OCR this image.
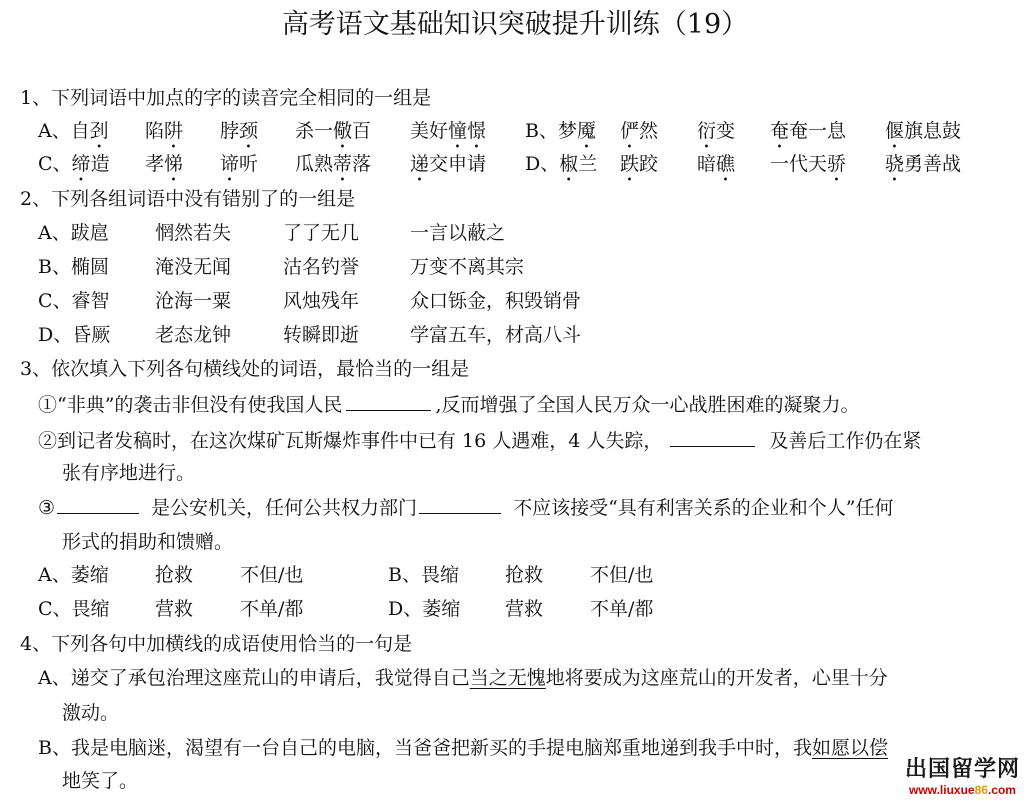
高考语文基础知识突破提升训练（19）
1、下列词语中加点的字的读音完全相同的一组是
A、自刭 陷阱 脖颈 杀一儆百 美好憧憬 B、梦魇 俨然 衍变 奄奄一息 偃旗息鼓
C、缔造 孝悌 谛听 瓜熟蒂落 递交申请 D、椒兰 跌跤 暗礁 一代天骄 骁勇善战
2、下列各组词语中没有错别了的一组是
A、跋扈 惘然若失	了了无几	一言以蔽之
B、椭圆 淹没无闻	沽名钓誉	万变不离其宗
C、睿智 沧海一粟	风烛残年	众口铄金，积毁销骨
D、昏厥 老态龙钟	转瞬即逝	学富五车，材高八斗
3、依次填入下列各句横线处的词语，最恰当的一组是
①“非典”的袭击非但没有使我国人民	,反而增强了全国人民万众一心战胜困难的凝聚力。
②到记者发稿时，在这次煤矿瓦斯爆炸事件中已有 16 人遇难，4 人失踪，	及善后工作仍在紧
张有序地进行。
③	是公安机关，任何公共权力部门	不应该接受“具有利害关系的企业和个人”任何
形式的捐助和馈赠。
A、萎缩 抢救 不但/也	B、畏缩 抢救 不但/也
C、畏缩 营救 不单/都	D、萎缩 营救 不单/都
4、下列各句中加横线的成语使用恰当的一句是
A、递交了承包治理这座荒山的申请后，我觉得自己当之无愧地将要成为这座荒山的开发者，心里十分
激动。
B、我是电脑迷，渴望有一台自己的电脑，当爸爸把新买的手提电脑郑重地递到我手中时，我如愿以偿
地笑了。	出国留学网
www.liuxue86.com
